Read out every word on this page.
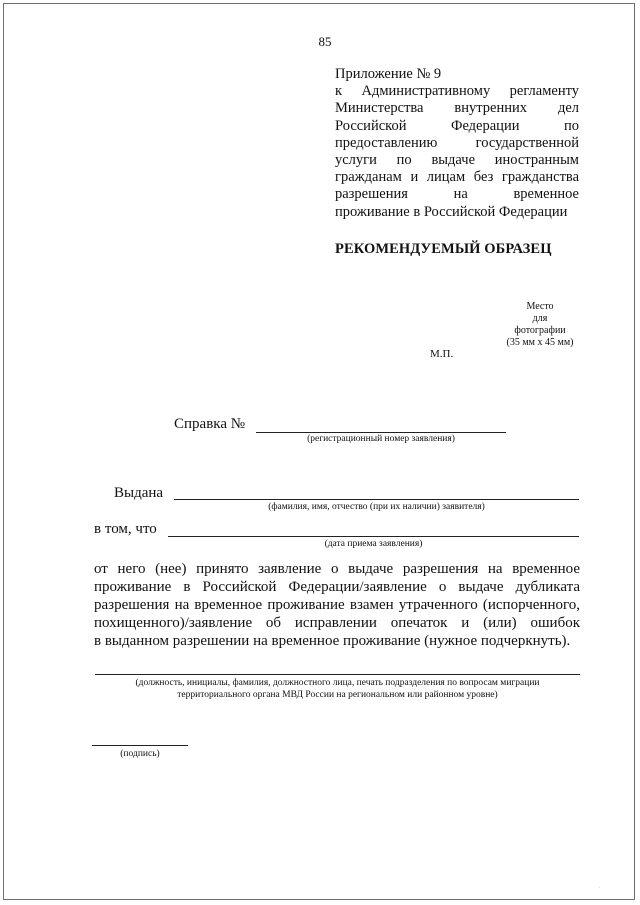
85
Приложение № 9
к Административному регламенту
Министерства внутренних дел
Российской Федерации по
предоставлению государственной
услуги по выдаче иностранным
гражданам и лицам без гражданства
разрешения на временное
проживание в Российской Федерации
РЕКОМЕНДУЕМЫЙ ОБРАЗЕЦ
Место
для
фотографии
(35 мм х 45 мм)
М.П.
Справка №
(регистрационный номер заявления)
Выдана
(фамилия, имя, отчество (при их наличии) заявителя)
в том, что
(дата приема заявления)
от него (нее) принято заявление о выдаче разрешения на временное
проживание в Российской Федерации/заявление о выдаче дубликата
разрешения на временное проживание взамен утраченного (испорченного,
похищенного)/заявление об исправлении опечаток и (или) ошибок
в выданном разрешении на временное проживание (нужное подчеркнуть).
(должность, инициалы, фамилия, должностного лица, печать подразделения по вопросам миграции
территориального органа МВД России на региональном или районном уровне)
(подпись)
·
